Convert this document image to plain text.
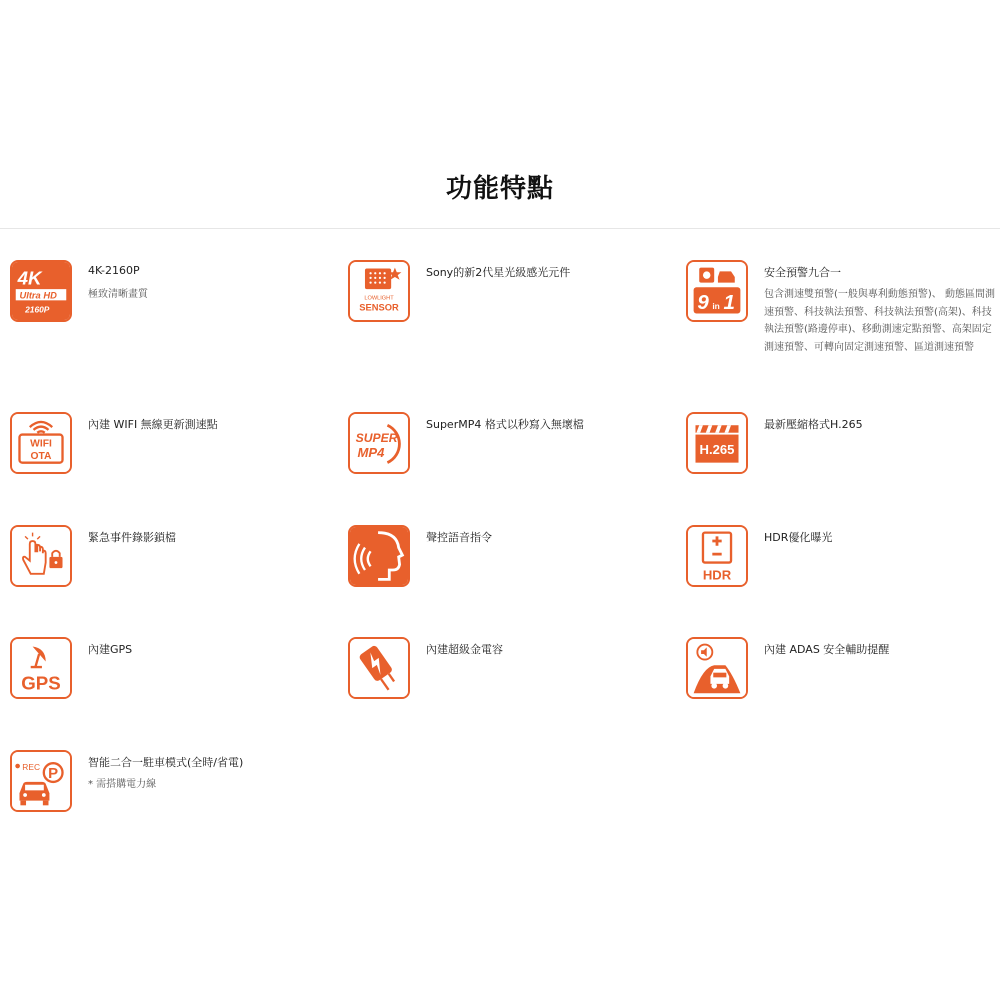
功能特點
4K
Ultra HD
2160P
4K-2160P
極致清晰畫質	LOWLIGHT
SENSOR
Sony的新2代星光級感光元件
9 in 1
安全預警九合一
包含測速雙預警(一般與專利動態預警)、 動態區間測速預警、科技執法預警、科技執法預警(高架)、科技執法預警(路邊停車)、移動測速定點預警、高架固定測速預警、可轉向固定測速預警、區道測速預警
WIFI
OTA
內建 WIFI 無線更新測速點
SUPER
MP4
SuperMP4 格式以秒寫入無壞檔
H.265
最新壓縮格式H.265
緊急事件錄影鎖檔	聲控語音指令
HDR
HDR優化曝光
GPS
內建GPS	內建超級金電容	內建 ADAS 安全輔助提醒
REC P
智能二合一駐車模式(全時/省電)
* 需搭購電力線
